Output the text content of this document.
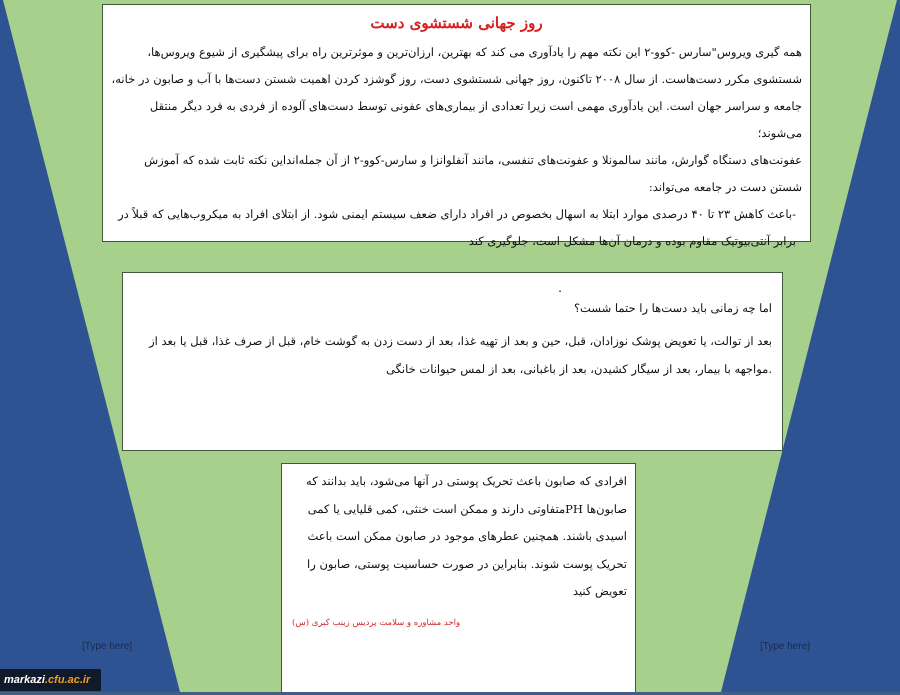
روز جهانی شستشوی دست

همه گیری ویروس"سارس -کوو-۲ این نکته مهم را یادآوری می کند که بهترین، ارزان‌ترین و موثرترین راه برای پیشگیری از شیوع ویروس‌ها،

شستشوی مکرر دست‌هاست. از سال ۲۰۰۸ تاکنون، روز جهانی شستشوی دست، روز گوشزد کردن اهمیت شستن دست‌ها با آب و صابون در خانه،

جامعه و سراسر جهان است. این یادآوری مهمی است زیرا تعدادی از بیماری‌های عفونی توسط دست‌های آلوده از فردی به فرد دیگر منتقل می‌شوند؛

عفونت‌های دستگاه گوارش، مانند سالمونلا و عفونت‌های تنفسی، مانند آنفلوانزا و سارس-کوو-۲ از آن جمله‌انداین نکته ثابت شده که آموزش

شستن دست در جامعه می‌تواند:

-باعث کاهش ۲۳ تا ۴۰ درصدی موارد ابتلا به اسهال بخصوص در افراد دارای ضعف سیستم ایمنی شود. از ابتلای افراد به میکروب‌هایی که قبلاً در

برابر آنتی‌بیوتیک مقاوم بوده و درمان آن‌ها مشکل است، جلوگیری کند

.

اما چه زمانی باید دست‌ها را حتما شست؟

بعد از توالت، یا تعویض پوشک نوزادان، قبل، حین و بعد از تهیه غذا، بعد از دست زدن به گوشت خام، قبل از صرف غذا، قبل یا بعد از

.مواجهه با بیمار، بعد از سیگار کشیدن، بعد از باغبانی، بعد از لمس حیوانات خانگی

افرادی که صابون باعث تحریک پوستی در آنها می‌شود، باید بدانند که

صابون‌ها PHمتفاوتی دارند و ممکن است خنثی، کمی قلیایی یا کمی

اسیدی باشند. همچنین عطرهای موجود در صابون ممکن است باعث

تحریک پوست شوند. بنابراین در صورت حساسیت پوستی، صابون را

تعویض کنید

واحد مشاوره و سلامت پردیس زینب کبری (س)
[Type here]	[Type here]
markazi.cfu.ac.ir
